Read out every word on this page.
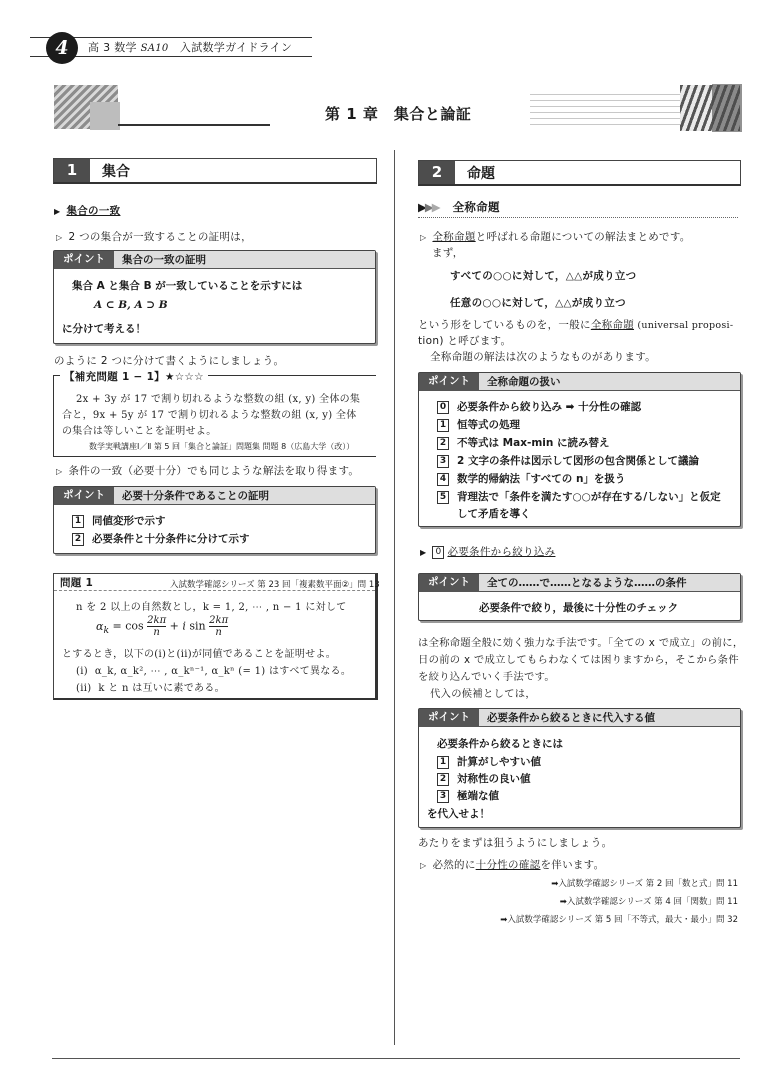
4	高 3 数学 SA10　入試数学ガイドライン
第 1 章　集合と論証
1	集合
▶ 集合の一致
▷ 2 つの集合が一致することの証明は，
ポイント	集合の一致の証明
集合 A と集合 B が一致していることを示すには
A ⊂ B, A ⊃ B
に分けて考える！
のように 2 つに分けて書くようにしましょう。
【補充問題 1 − 1】★☆☆☆
2x + 3y が 17 で割り切れるような整数の組 (x, y) 全体の集
合と，9x + 5y が 17 で割り切れるような整数の組 (x, y) 全体
の集合は等しいことを証明せよ。
数学実戦講座Ⅰ／Ⅱ 第 5 回「集合と論証」問題集 問題 8（広島大学（改））
▷ 条件の一致（必要十分）でも同じような解法を取り得ます。
ポイント	必要十分条件であることの証明
1 同値変形で示す
2 必要条件と十分条件に分けて示す
問題 1	入試数学確認シリーズ 第 23 回「複素数平面②」問 13
n を 2 以上の自然数とし，k = 1, 2, ⋯ , n − 1 に対して
$\alpha_k = \cos \frac{2k\pi}{n} + i$ $\sin \frac{2k\pi}{n}$
とするとき，以下の(i)と(ii)が同値であることを証明せよ。
(i) α_k, α_k², ⋯ , α_kⁿ⁻¹, α_kⁿ (= 1) はすべて異なる。
(ii) k と n は互いに素である。
2	命題
▶▶▶ 全称命題
▷ 全称命題と呼ばれる命題についての解法まとめです。
まず，
すべての○○に対して，△△が成り立つ
任意の○○に対して，△△が成り立つ
という形をしているものを，一般に全称命題 (universal proposi-
tion) と呼びます。
全称命題の解法は次のようなものがあります。
ポイント	全称命題の扱い
0 必要条件から絞り込み ➡ 十分性の確認
1 恒等式の処理
2 不等式は Max-min に読み替え
3 2 文字の条件は図示して図形の包含関係として議論
4 数学的帰納法「すべての n」を扱う
5 背理法で「条件を満たす○○が存在する/しない」と仮定
して矛盾を導く
▶ 0 必要条件から絞り込み
ポイント	全ての……で……となるような……の条件
必要条件で絞り，最後に十分性のチェック
は全称命題全般に効く強力な手法です。「全ての x で成立」の前に，
日の前の x で成立してもらわなくては困りますから，そこから条件
を絞り込んでいく手法です。
代入の候補としては，
ポイント	必要条件から絞るときに代入する値
必要条件から絞るときには
1 計算がしやすい値
2 対称性の良い値
3 極端な値
を代入せよ！
あたりをまずは狙うようにしましょう。
▷ 必然的に十分性の確認を伴います。
➡入試数学確認シリーズ 第 2 回「数と式」問 11
➡入試数学確認シリーズ 第 4 回「関数」問 11
➡入試数学確認シリーズ 第 5 回「不等式，最大・最小」問 32
